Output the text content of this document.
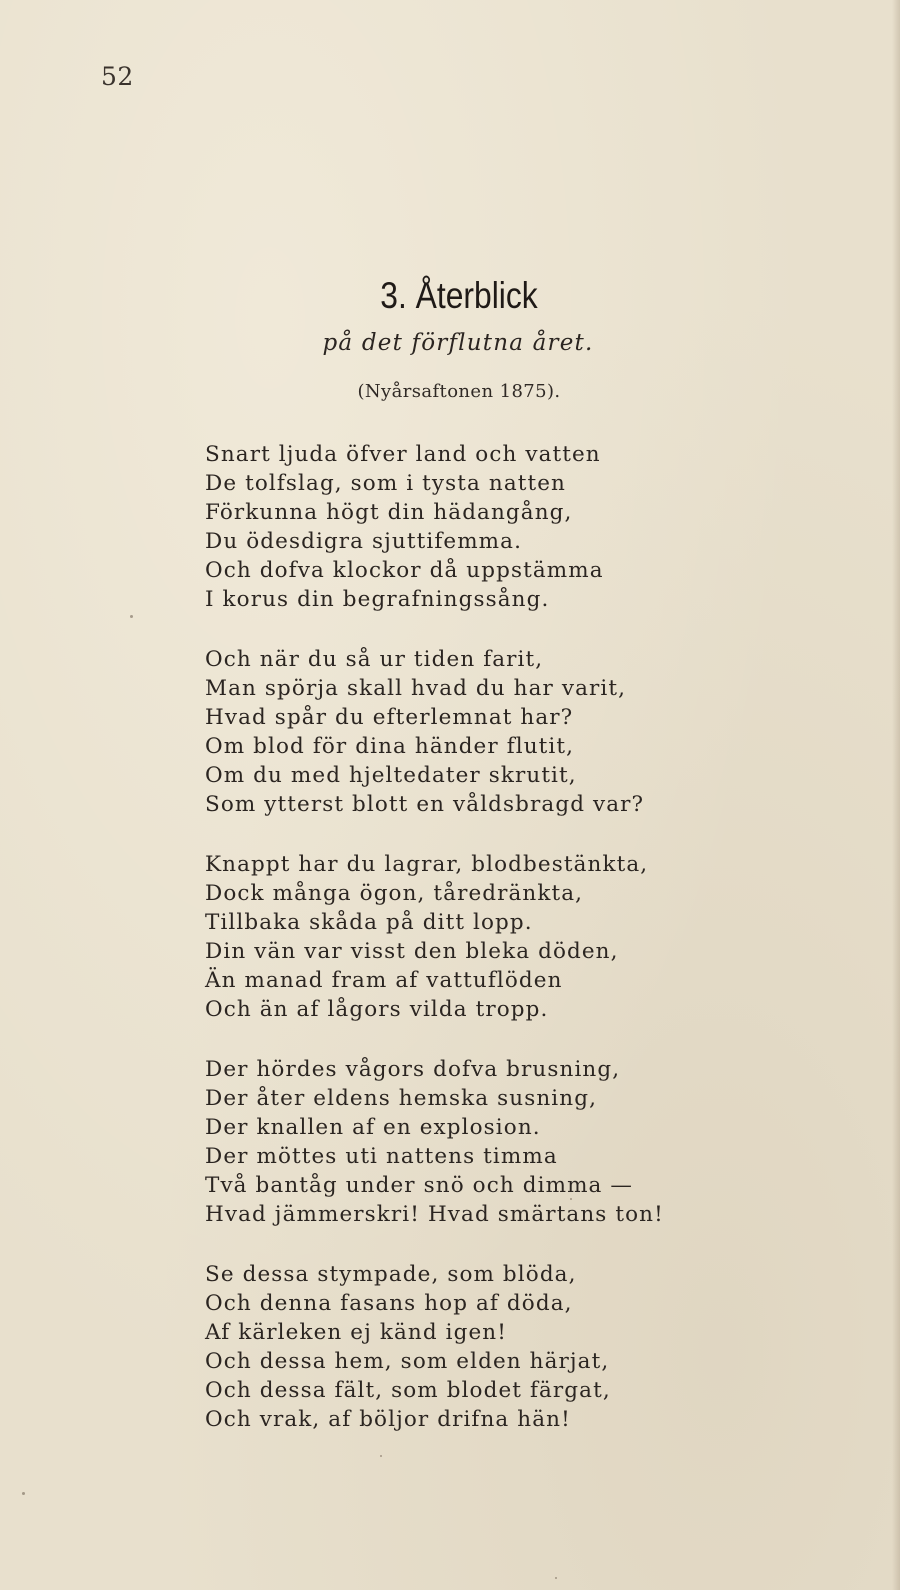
52
3. Återblick
på det förflutna året.
(Nyårsaftonen 1875).
Snart ljuda öfver land och vatten
De tolfslag, som i tysta natten
Förkunna högt din hädangång,
Du ödesdigra sjuttifemma.
Och dofva klockor då uppstämma
I korus din begrafningssång.
Och när du så ur tiden farit,
Man spörja skall hvad du har varit,
Hvad spår du efterlemnat har?
Om blod för dina händer flutit,
Om du med hjeltedater skrutit,
Som ytterst blott en våldsbragd var?
Knappt har du lagrar, blodbestänkta,
Dock många ögon, tåredränkta,
Tillbaka skåda på ditt lopp.
Din vän var visst den bleka döden,
Än manad fram af vattuflöden
Och än af lågors vilda tropp.
Der hördes vågors dofva brusning,
Der åter eldens hemska susning,
Der knallen af en explosion.
Der möttes uti nattens timma
Två bantåg under snö och dimma —
Hvad jämmerskri! Hvad smärtans ton!
Se dessa stympade, som blöda,
Och denna fasans hop af döda,
Af kärleken ej känd igen!
Och dessa hem, som elden härjat,
Och dessa fält, som blodet färgat,
Och vrak, af böljor drifna hän!
